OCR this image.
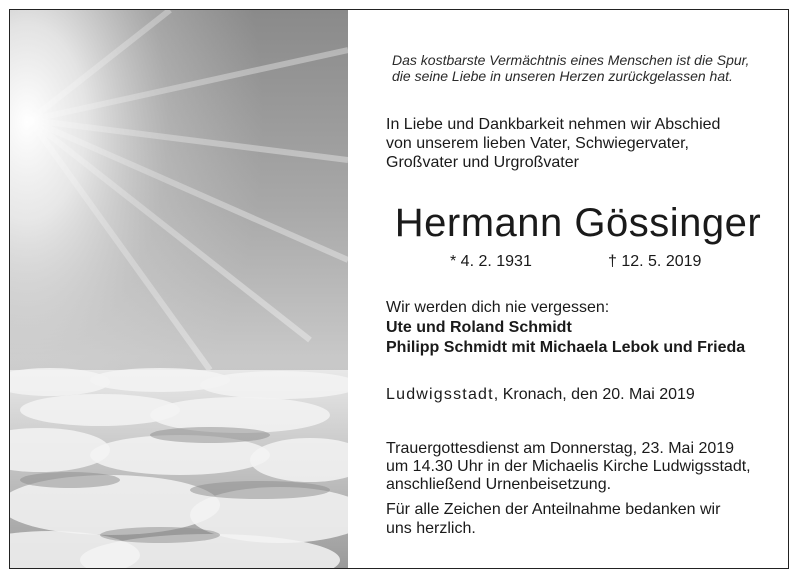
Das kostbarste Vermächtnis eines Menschen ist die Spur,
die seine Liebe in unseren Herzen zurückgelassen hat.
In Liebe und Dankbarkeit nehmen wir Abschied
von unserem lieben Vater, Schwiegervater,
Großvater und Urgroßvater
Hermann Gössinger
* 4. 2. 1931	† 12. 5. 2019
Wir werden dich nie vergessen:
Ute und Roland Schmidt
Philipp Schmidt mit Michaela Lebok und Frieda
Ludwigsstadt, Kronach, den 20. Mai 2019
Trauergottesdienst am Donnerstag, 23. Mai 2019
um 14.30 Uhr in der Michaelis Kirche Ludwigsstadt,
anschließend Urnenbeisetzung.
Für alle Zeichen der Anteilnahme bedanken wir
uns herzlich.
